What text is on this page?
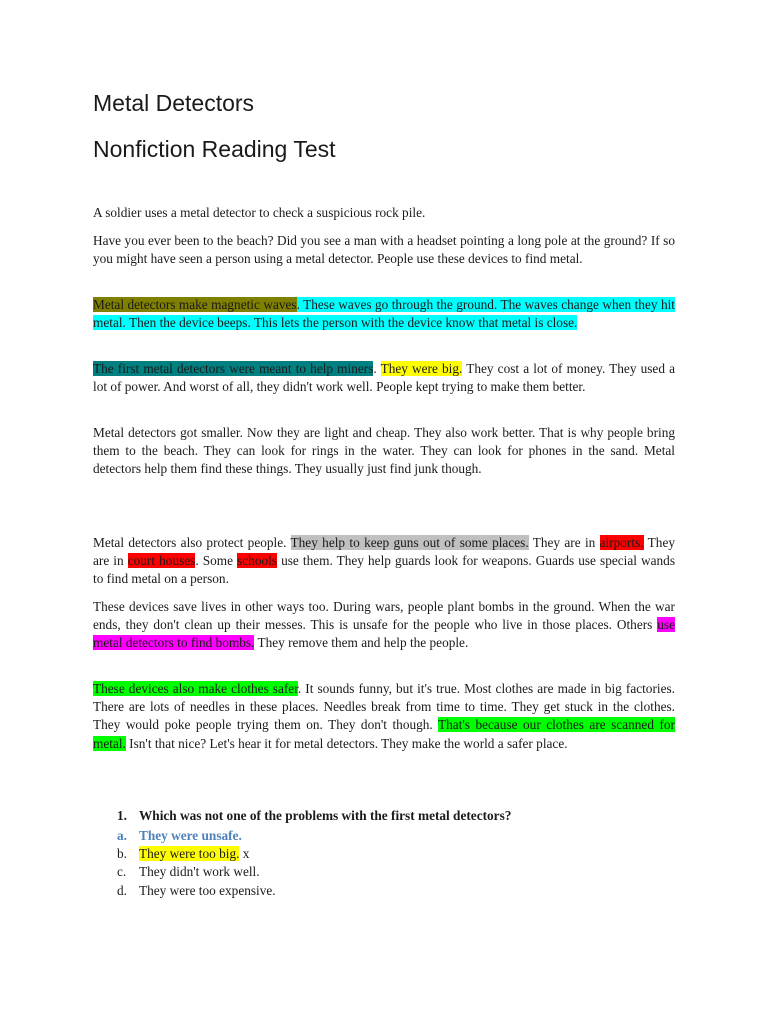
Metal Detectors
Nonfiction Reading Test

A soldier uses a metal detector to check a suspicious rock pile.

Have you ever been to the beach? Did you see a man with a headset pointing a long pole at the ground? If so you might have seen a person using a metal detector. People use these devices to find metal.

Metal detectors make magnetic waves. These waves go through the ground. The waves change when they hit metal. Then the device beeps. This lets the person with the device know that metal is close.

The first metal detectors were meant to help miners. They were big. They cost a lot of money. They used a lot of power. And worst of all, they didn't work well. People kept trying to make them better.

Metal detectors got smaller. Now they are light and cheap. They also work better. That is why people bring them to the beach. They can look for rings in the water. They can look for phones in the sand. Metal detectors help them find these things. They usually just find junk though.

Metal detectors also protect people. They help to keep guns out of some places. They are in airports. They are in court houses. Some schools use them. They help guards look for weapons. Guards use special wands to find metal on a person.

These devices save lives in other ways too. During wars, people plant bombs in the ground. When the war ends, they don't clean up their messes. This is unsafe for the people who live in those places. Others use metal detectors to find bombs. They remove them and help the people.

These devices also make clothes safer. It sounds funny, but it's true. Most clothes are made in big factories. There are lots of needles in these places. Needles break from time to time. They get stuck in the clothes. They would poke people trying them on. They don't though. That's because our clothes are scanned for metal. Isn't that nice? Let's hear it for metal detectors. They make the world a safer place.

1. Which was not one of the problems with the first metal detectors?

a. They were unsafe.
b. They were too big. x
c. They didn't work well.
d. They were too expensive.
